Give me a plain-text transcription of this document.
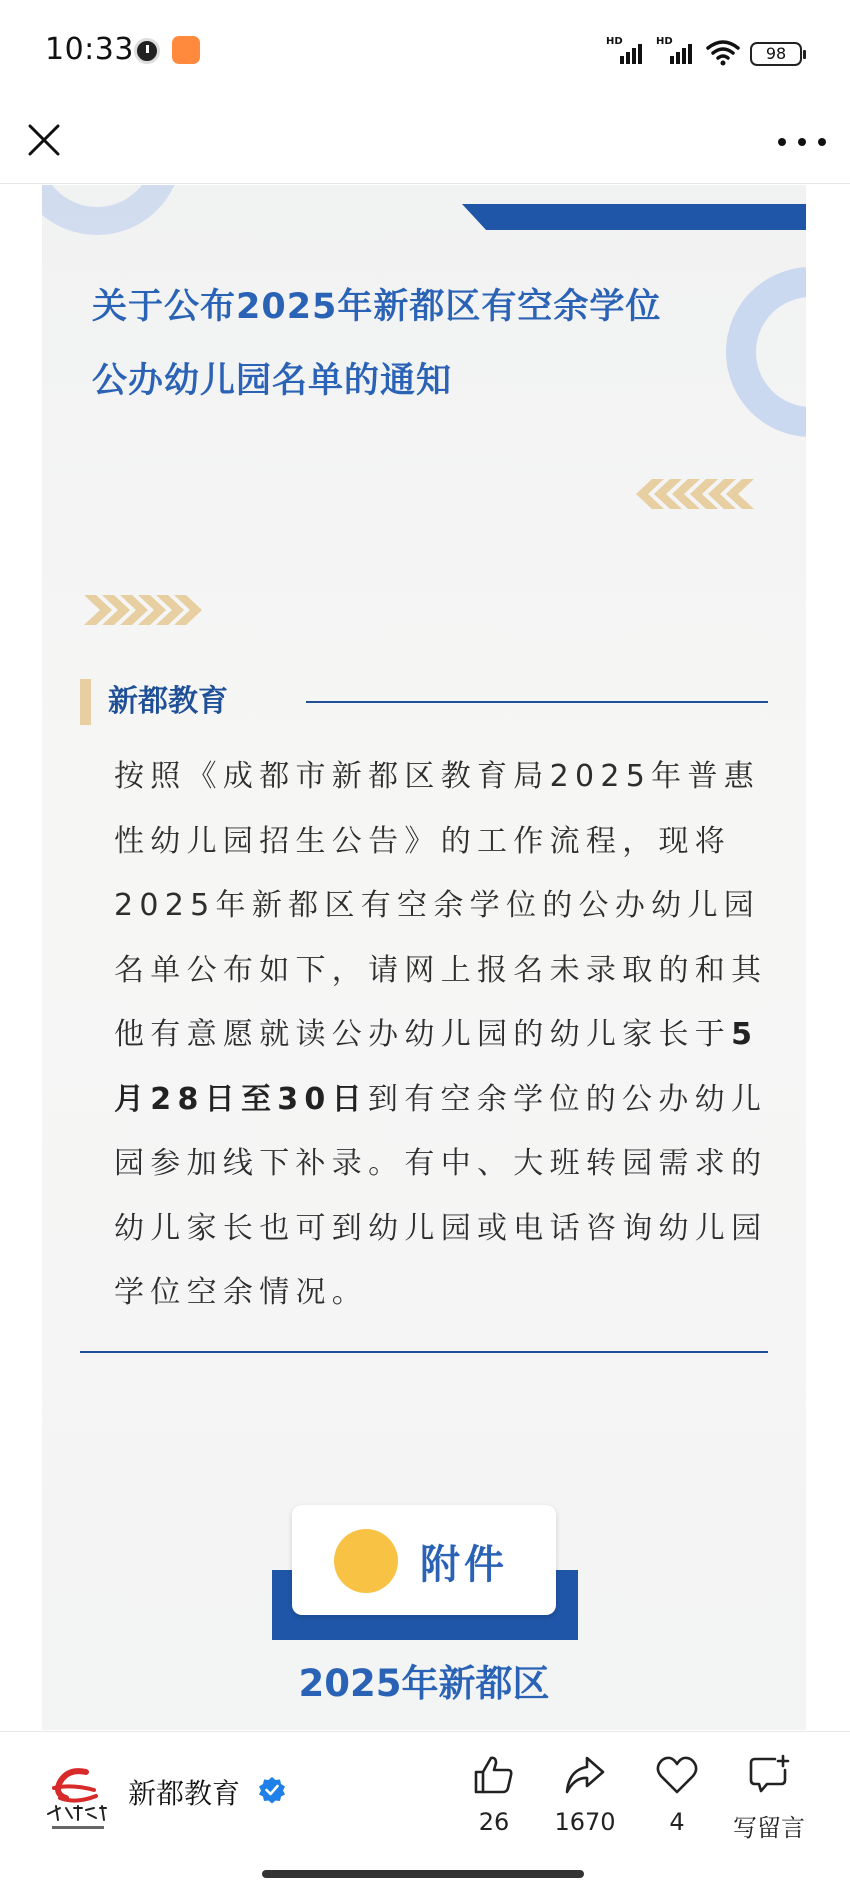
10:33	HD	HD
98
关于公布2025年新都区有空余学位
公办幼儿园名单的通知
新都教育
按照《成都市新都区教育局2025年普惠性幼儿园招生公告》的工作流程，现将2025年新都区有空余学位的公办幼儿园名单公布如下，请网上报名未录取的和其他有意愿就读公办幼儿园的幼儿家长于5月28日至30日到有空余学位的公办幼儿园参加线下补录。有中、大班转园需求的幼儿家长也可到幼儿园或电话咨询幼儿园学位空余情况。
附件
2025年新都区
新都教育
26	1670	4	写留言
